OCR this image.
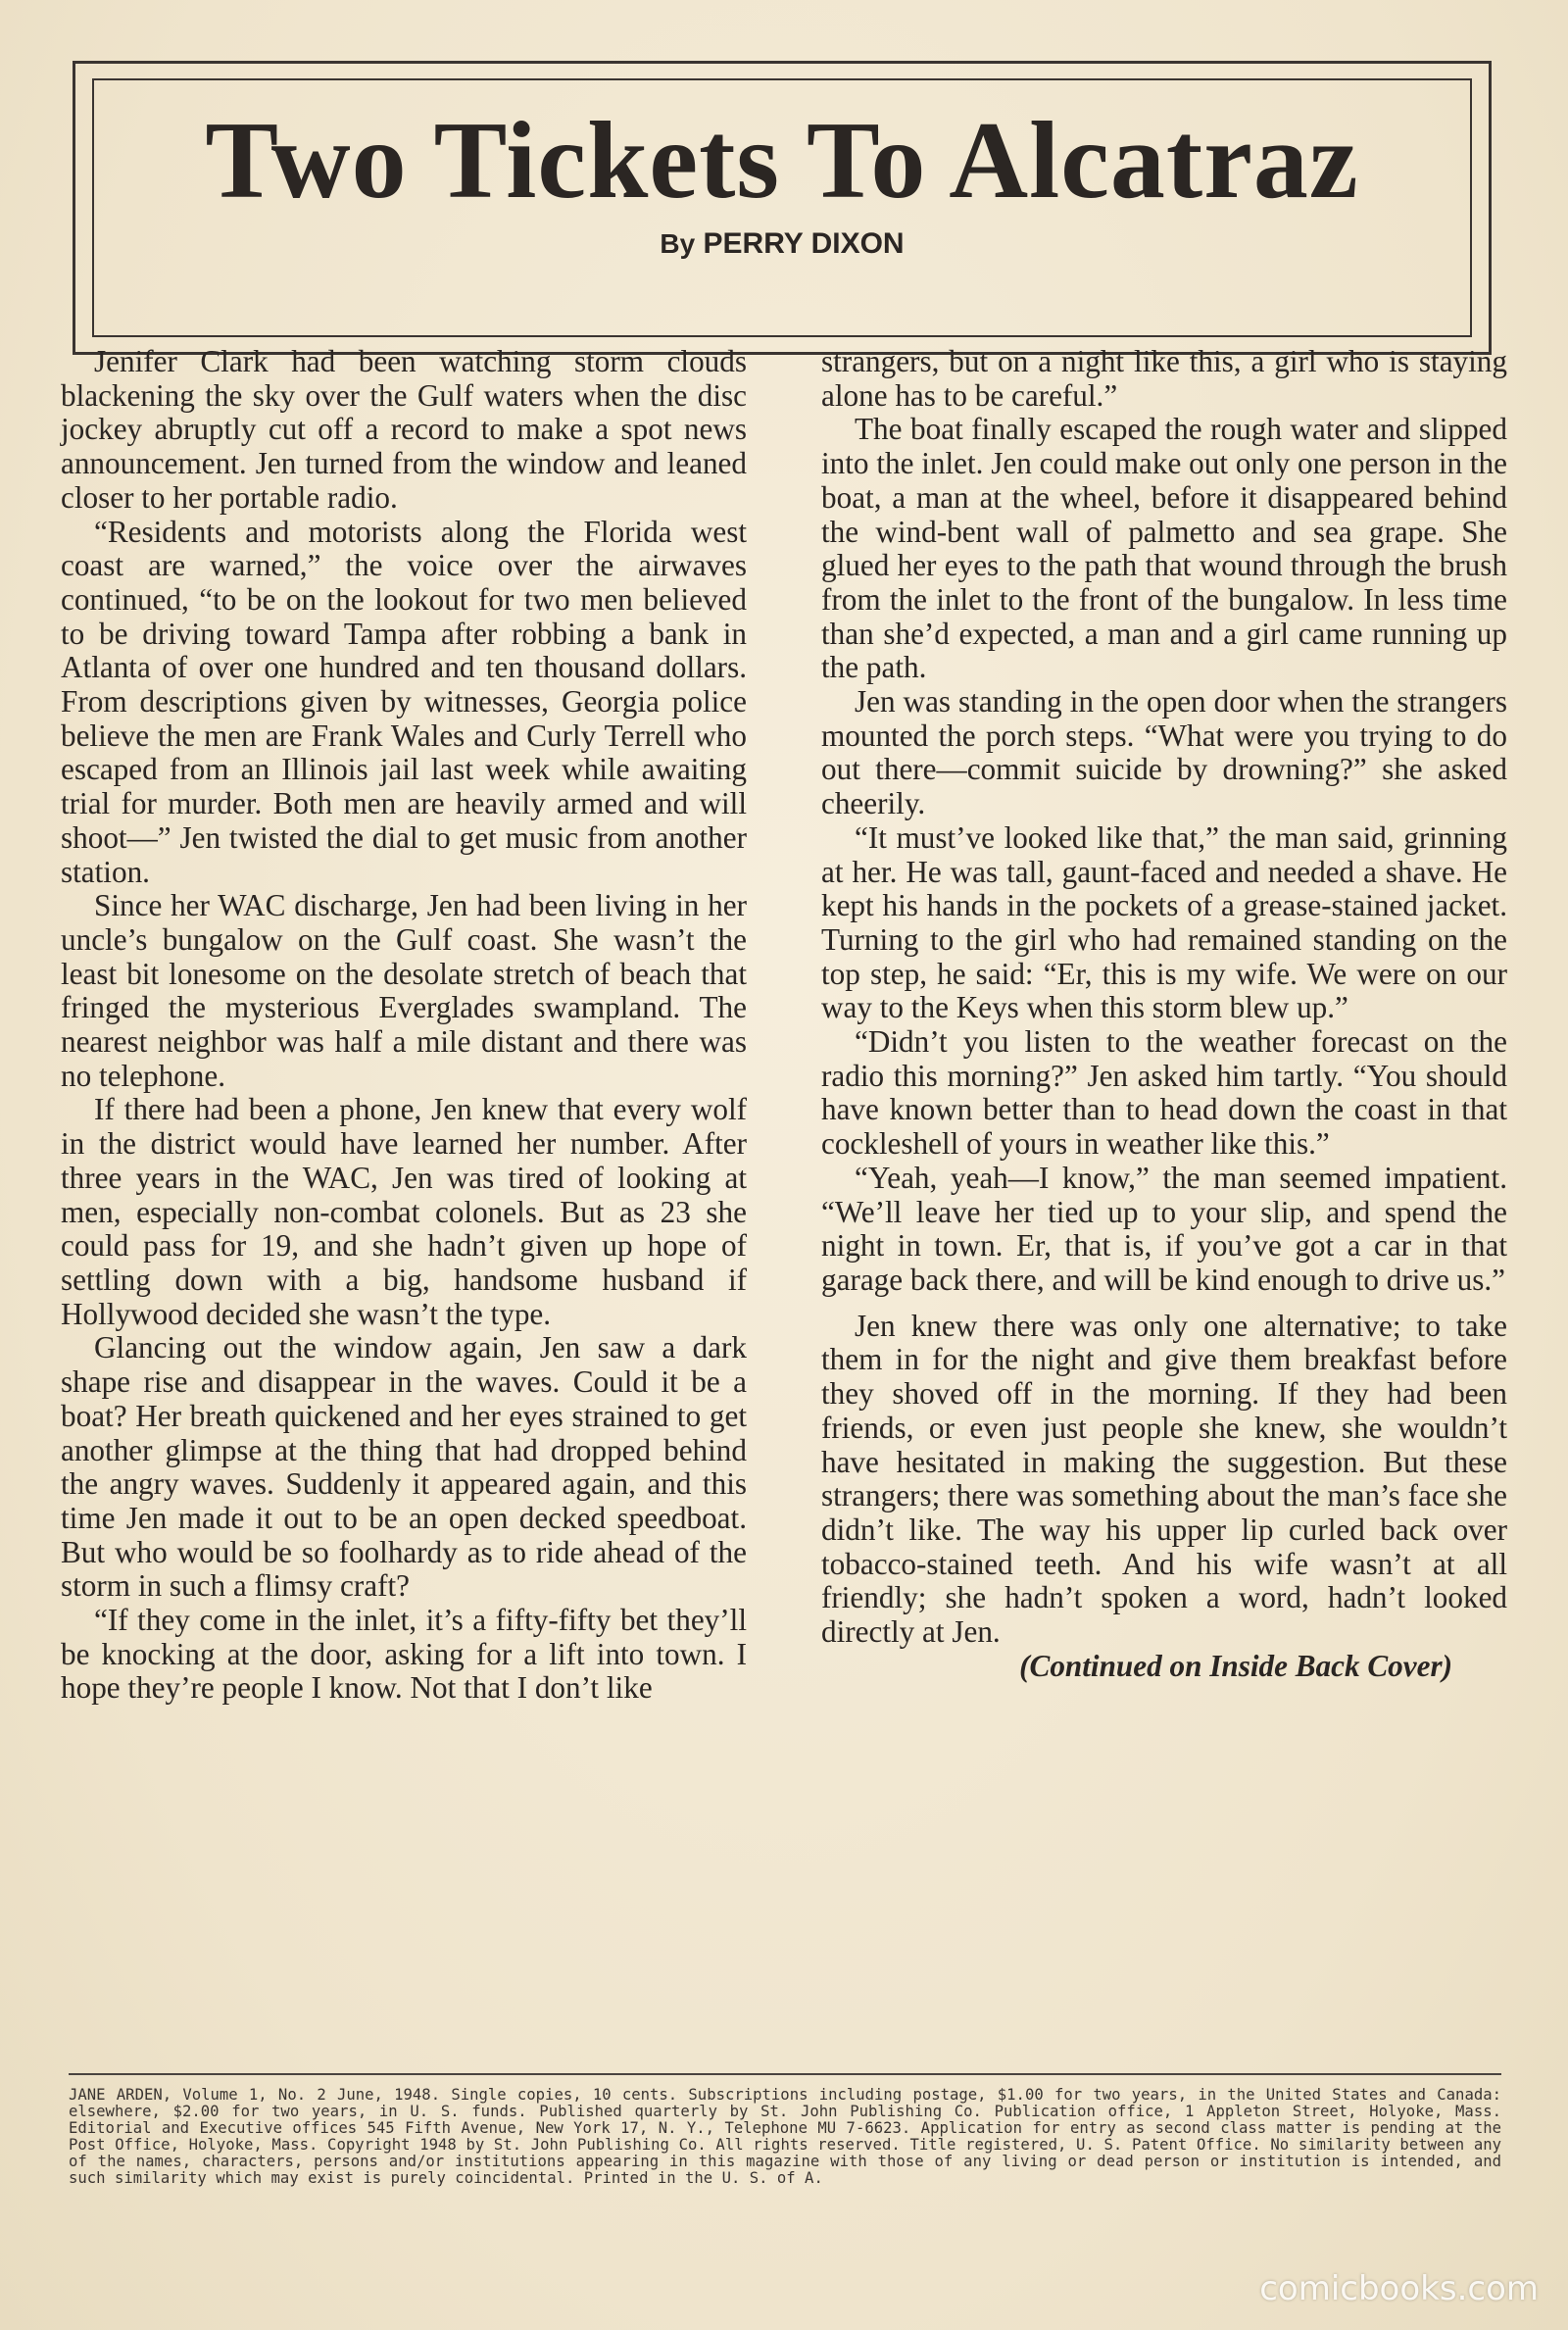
Two Tickets To Alcatraz

By PERRY DIXON

Jenifer Clark had been watching storm clouds blackening the sky over the Gulf waters when the disc jockey abruptly cut off a record to make a spot news announcement. Jen turned from the window and leaned closer to her portable radio.

“Residents and motorists along the Florida west coast are warned,” the voice over the airwaves continued, “to be on the lookout for two men believed to be driving toward Tampa after robbing a bank in Atlanta of over one hundred and ten thousand dollars. From descriptions given by witnesses, Georgia police believe the men are Frank Wales and Curly Terrell who escaped from an Illinois jail last week while awaiting trial for murder. Both men are heavily armed and will shoot—” Jen twisted the dial to get music from another station.

Since her WAC discharge, Jen had been living in her uncle’s bungalow on the Gulf coast. She wasn’t the least bit lonesome on the desolate stretch of beach that fringed the mysterious Everglades swampland. The nearest neighbor was half a mile distant and there was no telephone.

If there had been a phone, Jen knew that every wolf in the district would have learned her number. After three years in the WAC, Jen was tired of looking at men, especially non-combat colonels. But as 23 she could pass for 19, and she hadn’t given up hope of settling down with a big, handsome husband if Hollywood decided she wasn’t the type.

Glancing out the window again, Jen saw a dark shape rise and disappear in the waves. Could it be a boat? Her breath quickened and her eyes strained to get another glimpse at the thing that had dropped behind the angry waves. Suddenly it appeared again, and this time Jen made it out to be an open decked speedboat. But who would be so foolhardy as to ride ahead of the storm in such a flimsy craft?

“If they come in the inlet, it’s a fifty-fifty bet they’ll be knocking at the door, asking for a lift into town. I hope they’re people I know. Not that I don’t like

strangers, but on a night like this, a girl who is staying alone has to be careful.”

The boat finally escaped the rough water and slipped into the inlet. Jen could make out only one person in the boat, a man at the wheel, before it disappeared behind the wind-bent wall of palmetto and sea grape. She glued her eyes to the path that wound through the brush from the inlet to the front of the bungalow. In less time than she’d expected, a man and a girl came running up the path.

Jen was standing in the open door when the strangers mounted the porch steps. “What were you trying to do out there—commit suicide by drowning?” she asked cheerily.

“It must’ve looked like that,” the man said, grinning at her. He was tall, gaunt-faced and needed a shave. He kept his hands in the pockets of a grease-stained jacket. Turning to the girl who had remained standing on the top step, he said: “Er, this is my wife. We were on our way to the Keys when this storm blew up.”

“Didn’t you listen to the weather forecast on the radio this morning?” Jen asked him tartly. “You should have known better than to head down the coast in that cockleshell of yours in weather like this.”

“Yeah, yeah—I know,” the man seemed impatient. “We’ll leave her tied up to your slip, and spend the night in town. Er, that is, if you’ve got a car in that garage back there, and will be kind enough to drive us.”

Jen knew there was only one alternative; to take them in for the night and give them breakfast before they shoved off in the morning. If they had been friends, or even just people she knew, she wouldn’t have hesitated in making the suggestion. But these strangers; there was something about the man’s face she didn’t like. The way his upper lip curled back over tobacco-stained teeth. And his wife wasn’t at all friendly; she hadn’t spoken a word, hadn’t looked directly at Jen.

(Continued on Inside Back Cover)

JANE ARDEN, Volume 1, No. 2 June, 1948. Single copies, 10 cents. Subscriptions including postage, $1.00 for two years, in the United States and Canada: elsewhere, $2.00 for two years, in U. S. funds. Published quarterly by St. John Publishing Co. Publication office, 1 Appleton Street, Holyoke, Mass. Editorial and Executive offices 545 Fifth Avenue, New York 17, N. Y., Telephone MU 7-6623. Application for entry as second class matter is pending at the Post Office, Holyoke, Mass. Copyright 1948 by St. John Publishing Co. All rights reserved. Title registered, U. S. Patent Office. No similarity between any of the names, characters, persons and/or institutions appearing in this magazine with those of any living or dead person or institution is intended, and such similarity which may exist is purely coincidental. Printed in the U. S. of A.

comicbooks.com
